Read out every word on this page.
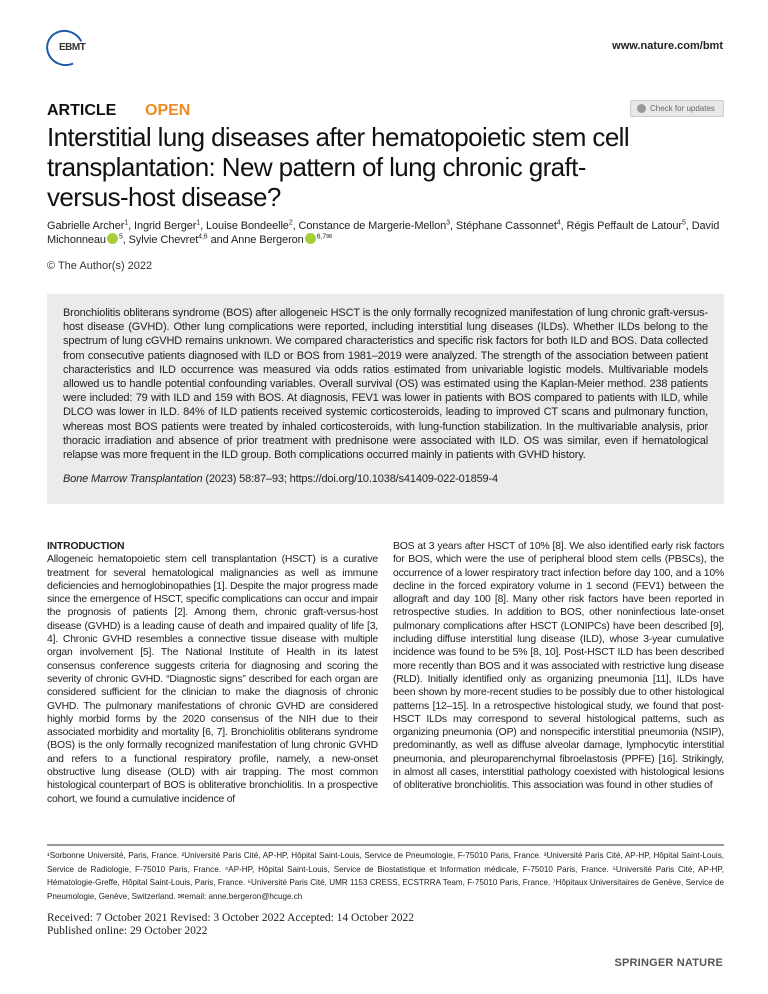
EBMT	www.nature.com/bmt
ARTICLE OPEN	Check for updates
Interstitial lung diseases after hematopoietic stem cell transplantation: New pattern of lung chronic graft-versus-host disease?
Gabrielle Archer$^1$, Ingrid Berger$^1$, Louise Bondeelle$^2$, Constance de Margerie-Mellon$^3$, Stéphane Cassonnet$^4$, Régis Peffault de Latour$^5$, David Michonneau $^5$, Sylvie Chevret$^{4,6}$ and Anne Bergeron $^{6,7✉}$
© The Author(s) 2022

Bronchiolitis obliterans syndrome (BOS) after allogeneic HSCT is the only formally recognized manifestation of lung chronic graft-versus-host disease (GVHD). Other lung complications were reported, including interstitial lung diseases (ILDs). Whether ILDs belong to the spectrum of lung cGVHD remains unknown. We compared characteristics and specific risk factors for both ILD and BOS. Data collected from consecutive patients diagnosed with ILD or BOS from 1981–2019 were analyzed. The strength of the association between patient characteristics and ILD occurrence was measured via odds ratios estimated from univariable logistic models. Multivariable models allowed us to handle potential confounding variables. Overall survival (OS) was estimated using the Kaplan-Meier method. 238 patients were included: 79 with ILD and 159 with BOS. At diagnosis, FEV1 was lower in patients with BOS compared to patients with ILD, while DLCO was lower in ILD. 84% of ILD patients received systemic corticosteroids, leading to improved CT scans and pulmonary function, whereas most BOS patients were treated by inhaled corticosteroids, with lung-function stabilization. In the multivariable analysis, prior thoracic irradiation and absence of prior treatment with prednisone were associated with ILD. OS was similar, even if hematological relapse was more frequent in the ILD group. Both complications occurred mainly in patients with GVHD history.

Bone Marrow Transplantation (2023) 58:87–93; https://doi.org/10.1038/s41409-022-01859-4

INTRODUCTION

Allogeneic hematopoietic stem cell transplantation (HSCT) is a curative treatment for several hematological malignancies as well as immune deficiencies and hemoglobinopathies [1]. Despite the major progress made since the emergence of HSCT, specific complications can occur and impair the prognosis of patients [2]. Among them, chronic graft-versus-host disease (GVHD) is a leading cause of death and impaired quality of life [3, 4]. Chronic GVHD resembles a connective tissue disease with multiple organ involvement [5]. The National Institute of Health in its latest consensus conference suggests criteria for diagnosing and scoring the severity of chronic GVHD. “Diagnostic signs” described for each organ are considered sufficient for the clinician to make the diagnosis of chronic GVHD. The pulmonary manifestations of chronic GVHD are considered highly morbid forms by the 2020 consensus of the NIH due to their associated morbidity and mortality [6, 7]. Bronchiolitis obliterans syndrome (BOS) is the only formally recognized manifestation of lung chronic GVHD and refers to a functional respiratory profile, namely, a new-onset obstructive lung disease (OLD) with air trapping. The most common histological counterpart of BOS is obliterative bronchiolitis. In a prospective cohort, we found a cumulative incidence of

BOS at 3 years after HSCT of 10% [8]. We also identified early risk factors for BOS, which were the use of peripheral blood stem cells (PBSCs), the occurrence of a lower respiratory tract infection before day 100, and a 10% decline in the forced expiratory volume in 1 second (FEV1) between the allograft and day 100 [8]. Many other risk factors have been reported in retrospective studies. In addition to BOS, other noninfectious late-onset pulmonary complications after HSCT (LONIPCs) have been described [9], including diffuse interstitial lung disease (ILD), whose 3-year cumulative incidence was found to be 5% [8, 10]. Post-HSCT ILD has been described more recently than BOS and it was associated with restrictive lung disease (RLD). Initially identified only as organizing pneumonia [11], ILDs have been shown by more-recent studies to be possibly due to other histological patterns [12–15]. In a retrospective histological study, we found that post-HSCT ILDs may correspond to several histological patterns, such as organizing pneumonia (OP) and nonspecific interstitial pneumonia (NSIP), predominantly, as well as diffuse alveolar damage, lymphocytic interstitial pneumonia, and pleuroparenchymal fibroelastosis (PPFE) [16]. Strikingly, in almost all cases, interstitial pathology coexisted with histological lesions of obliterative bronchiolitis. This association was found in other studies of

¹Sorbonne Université, Paris, France. ²Université Paris Cité, AP-HP, Hôpital Saint-Louis, Service de Pneumologie, F-75010 Paris, France. ³Université Paris Cité, AP-HP, Hôpital Saint-Louis, Service de Radiologie, F-75010 Paris, France. ⁴AP-HP, Hôpital Saint-Louis, Service de Biostatistique et Information médicale, F-75010 Paris, France. ⁵Université Paris Cité, AP-HP, Hématologie-Greffe, Hôpital Saint-Louis, Paris, France. ⁶Université Paris Cité, UMR 1153 CRESS, ECSTRRA Team, F-75010 Paris, France. ⁷Hôpitaux Universitaires de Genève, Service de Pneumologie, Genève, Switzerland. ✉email: anne.bergeron@hcuge.ch
Received: 7 October 2021 Revised: 3 October 2022 Accepted: 14 October 2022
Published online: 29 October 2022
SPRINGER NATURE
